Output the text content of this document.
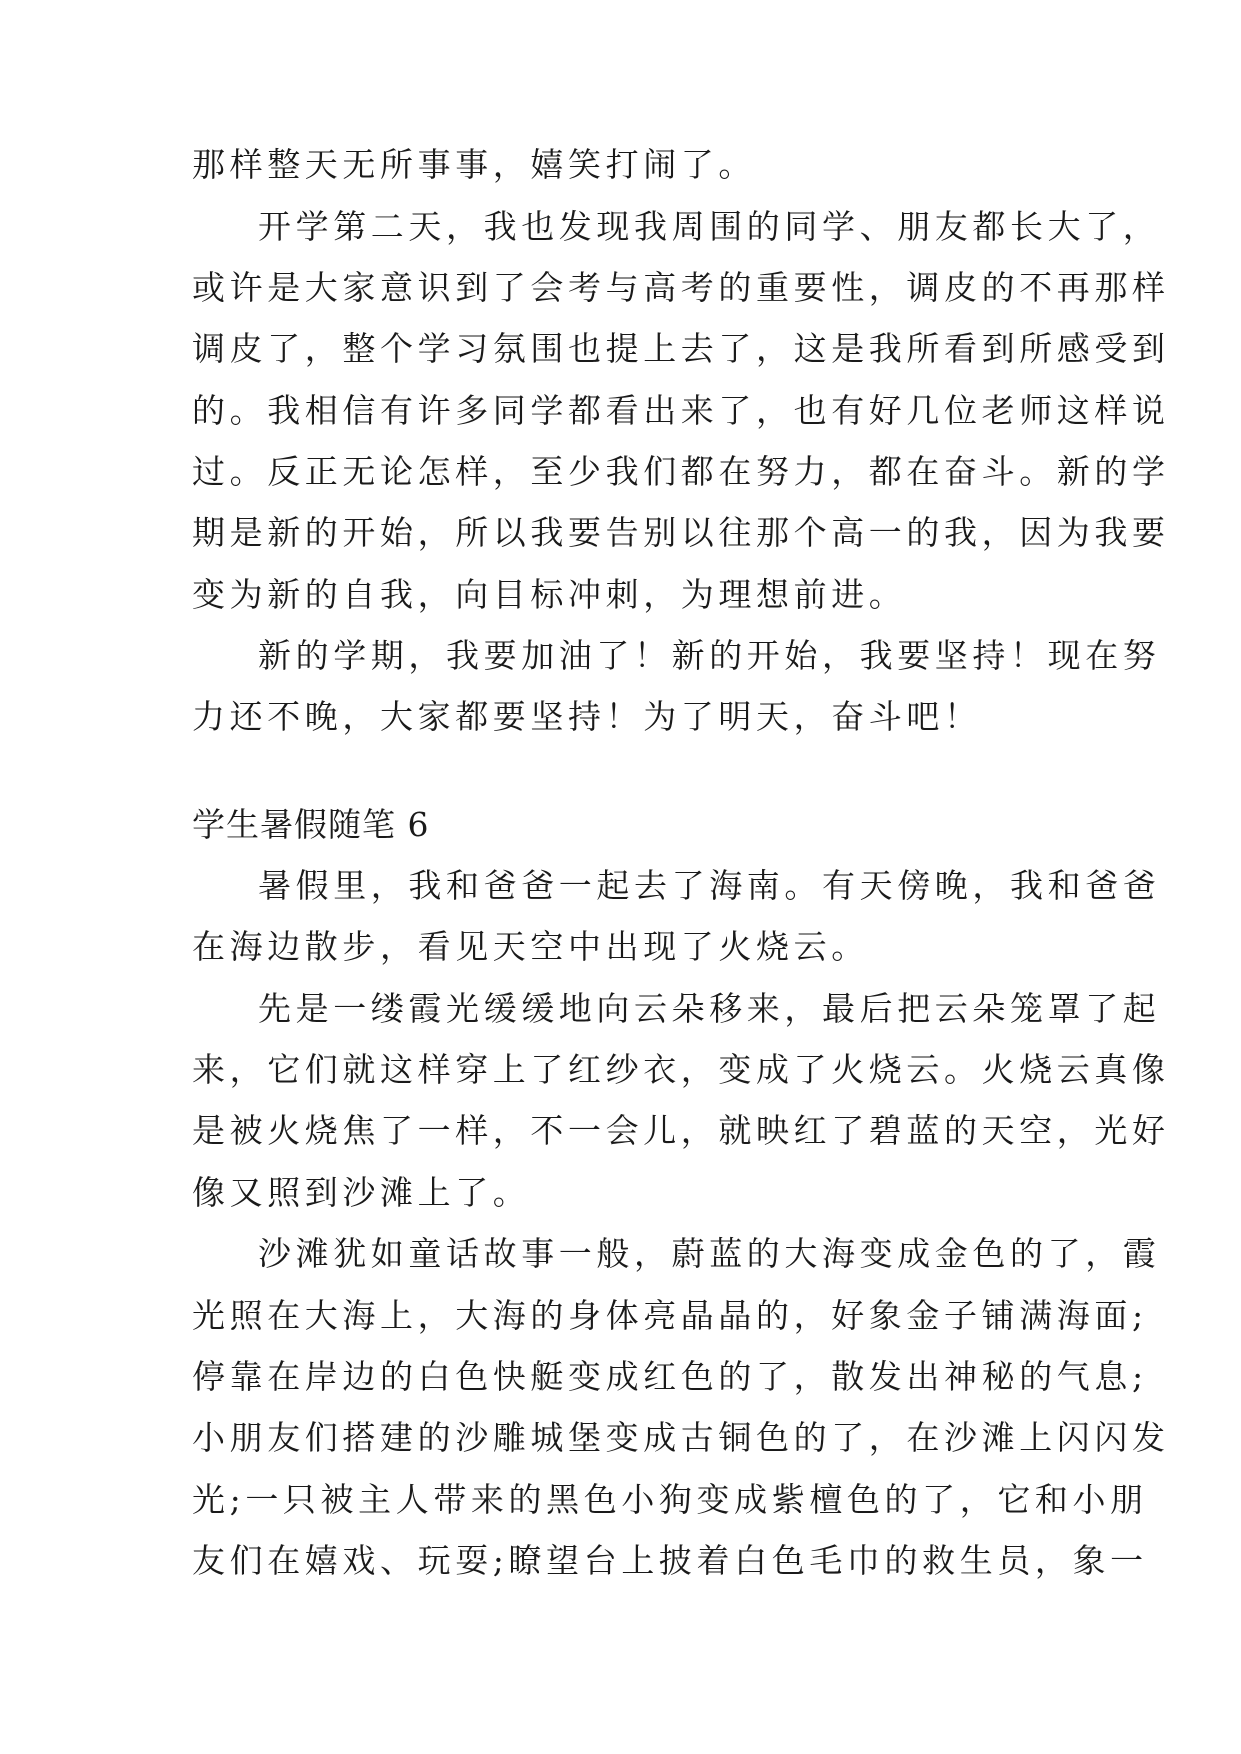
那样整天无所事事，嬉笑打闹了。
开学第二天，我也发现我周围的同学、朋友都长大了，
或许是大家意识到了会考与高考的重要性，调皮的不再那样
调皮了，整个学习氛围也提上去了，这是我所看到所感受到
的。我相信有许多同学都看出来了，也有好几位老师这样说
过。反正无论怎样，至少我们都在努力，都在奋斗。新的学
期是新的开始，所以我要告别以往那个高一的我，因为我要
变为新的自我，向目标冲刺，为理想前进。
新的学期，我要加油了！新的开始，我要坚持！现在努
力还不晚，大家都要坚持！为了明天，奋斗吧！
学生暑假随笔 6
暑假里，我和爸爸一起去了海南。有天傍晚，我和爸爸
在海边散步，看见天空中出现了火烧云。
先是一缕霞光缓缓地向云朵移来，最后把云朵笼罩了起
来，它们就这样穿上了红纱衣，变成了火烧云。火烧云真像
是被火烧焦了一样，不一会儿，就映红了碧蓝的天空，光好
像又照到沙滩上了。
沙滩犹如童话故事一般，蔚蓝的大海变成金色的了，霞
光照在大海上，大海的身体亮晶晶的，好象金子铺满海面;
停靠在岸边的白色快艇变成红色的了，散发出神秘的气息;
小朋友们搭建的沙雕城堡变成古铜色的了，在沙滩上闪闪发
光;一只被主人带来的黑色小狗变成紫檀色的了，它和小朋
友们在嬉戏、玩耍;瞭望台上披着白色毛巾的救生员，象一
